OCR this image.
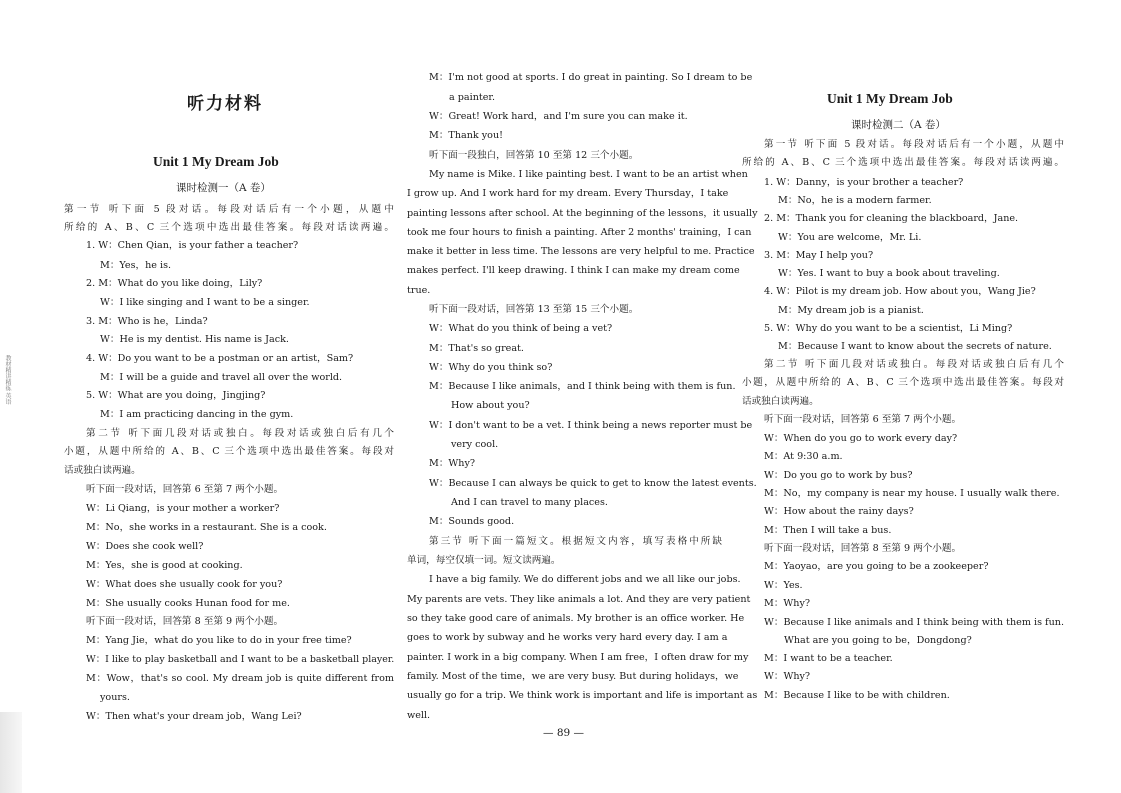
教材精讲精练 英语
听力材料
Unit 1 My Dream Job
课时检测一（A 卷）
第一节 听下面 5 段对话。每段对话后有一个小题，从题中
所给的 A、B、C 三个选项中选出最佳答案。每段对话读两遍。
1. W：Chen Qian，is your father a teacher?
M：Yes，he is.
2. M：What do you like doing，Lily?
W：I like singing and I want to be a singer.
3. M：Who is he，Linda?
W：He is my dentist. His name is Jack.
4. W：Do you want to be a postman or an artist，Sam?
M：I will be a guide and travel all over the world.
5. W：What are you doing，Jingjing?
M：I am practicing dancing in the gym.
第二节 听下面几段对话或独白。每段对话或独白后有几个
小题，从题中所给的 A、B、C 三个选项中选出最佳答案。每段对
话或独白读两遍。
听下面一段对话，回答第 6 至第 7 两个小题。
W：Li Qiang，is your mother a worker?
M：No，she works in a restaurant. She is a cook.
W：Does she cook well?
M：Yes，she is good at cooking.
W：What does she usually cook for you?
M：She usually cooks Hunan food for me.
听下面一段对话，回答第 8 至第 9 两个小题。
M：Yang Jie，what do you like to do in your free time?
W：I like to play basketball and I want to be a basketball player.
M：Wow，that's so cool. My dream job is quite different from
yours.
W：Then what's your dream job，Wang Lei?
M：I'm not good at sports. I do great in painting. So I dream to be
a painter.
W：Great! Work hard，and I'm sure you can make it.
M：Thank you!
听下面一段独白，回答第 10 至第 12 三个小题。
My name is Mike. I like painting best. I want to be an artist when
I grow up. And I work hard for my dream. Every Thursday，I take
painting lessons after school. At the beginning of the lessons，it usually
took me four hours to finish a painting. After 2 months' training，I can
make it better in less time. The lessons are very helpful to me. Practice
makes perfect. I'll keep drawing. I think I can make my dream come
true.
听下面一段对话，回答第 13 至第 15 三个小题。
W：What do you think of being a vet?
M：That's so great.
W：Why do you think so?
M：Because I like animals，and I think being with them is fun.
How about you?
W：I don't want to be a vet. I think being a news reporter must be
very cool.
M：Why?
W：Because I can always be quick to get to know the latest events.
And I can travel to many places.
M：Sounds good.
第三节 听下面一篇短文。根据短文内容，填写表格中所缺
单词，每空仅填一词。短文读两遍。
I have a big family. We do different jobs and we all like our jobs.
My parents are vets. They like animals a lot. And they are very patient
so they take good care of animals. My brother is an office worker. He
goes to work by subway and he works very hard every day. I am a
painter. I work in a big company. When I am free，I often draw for my
family. Most of the time，we are very busy. But during holidays，we
usually go for a trip. We think work is important and life is important as
well.
Unit 1 My Dream Job
课时检测二（A 卷）
第一节 听下面 5 段对话。每段对话后有一个小题，从题中
所给的 A、B、C 三个选项中选出最佳答案。每段对话读两遍。
1. W：Danny，is your brother a teacher?
M：No，he is a modern farmer.
2. M：Thank you for cleaning the blackboard，Jane.
W：You are welcome，Mr. Li.
3. M：May I help you?
W：Yes. I want to buy a book about traveling.
4. W：Pilot is my dream job. How about you，Wang Jie?
M：My dream job is a pianist.
5. W：Why do you want to be a scientist，Li Ming?
M：Because I want to know about the secrets of nature.
第二节 听下面几段对话或独白。每段对话或独白后有几个
小题，从题中所给的 A、B、C 三个选项中选出最佳答案。每段对
话或独白读两遍。
听下面一段对话，回答第 6 至第 7 两个小题。
W：When do you go to work every day?
M：At 9:30 a.m.
W：Do you go to work by bus?
M：No，my company is near my house. I usually walk there.
W：How about the rainy days?
M：Then I will take a bus.
听下面一段对话，回答第 8 至第 9 两个小题。
M：Yaoyao，are you going to be a zookeeper?
W：Yes.
M：Why?
W：Because I like animals and I think being with them is fun.
What are you going to be，Dongdong?
M：I want to be a teacher.
W：Why?
M：Because I like to be with children.
— 89 —
